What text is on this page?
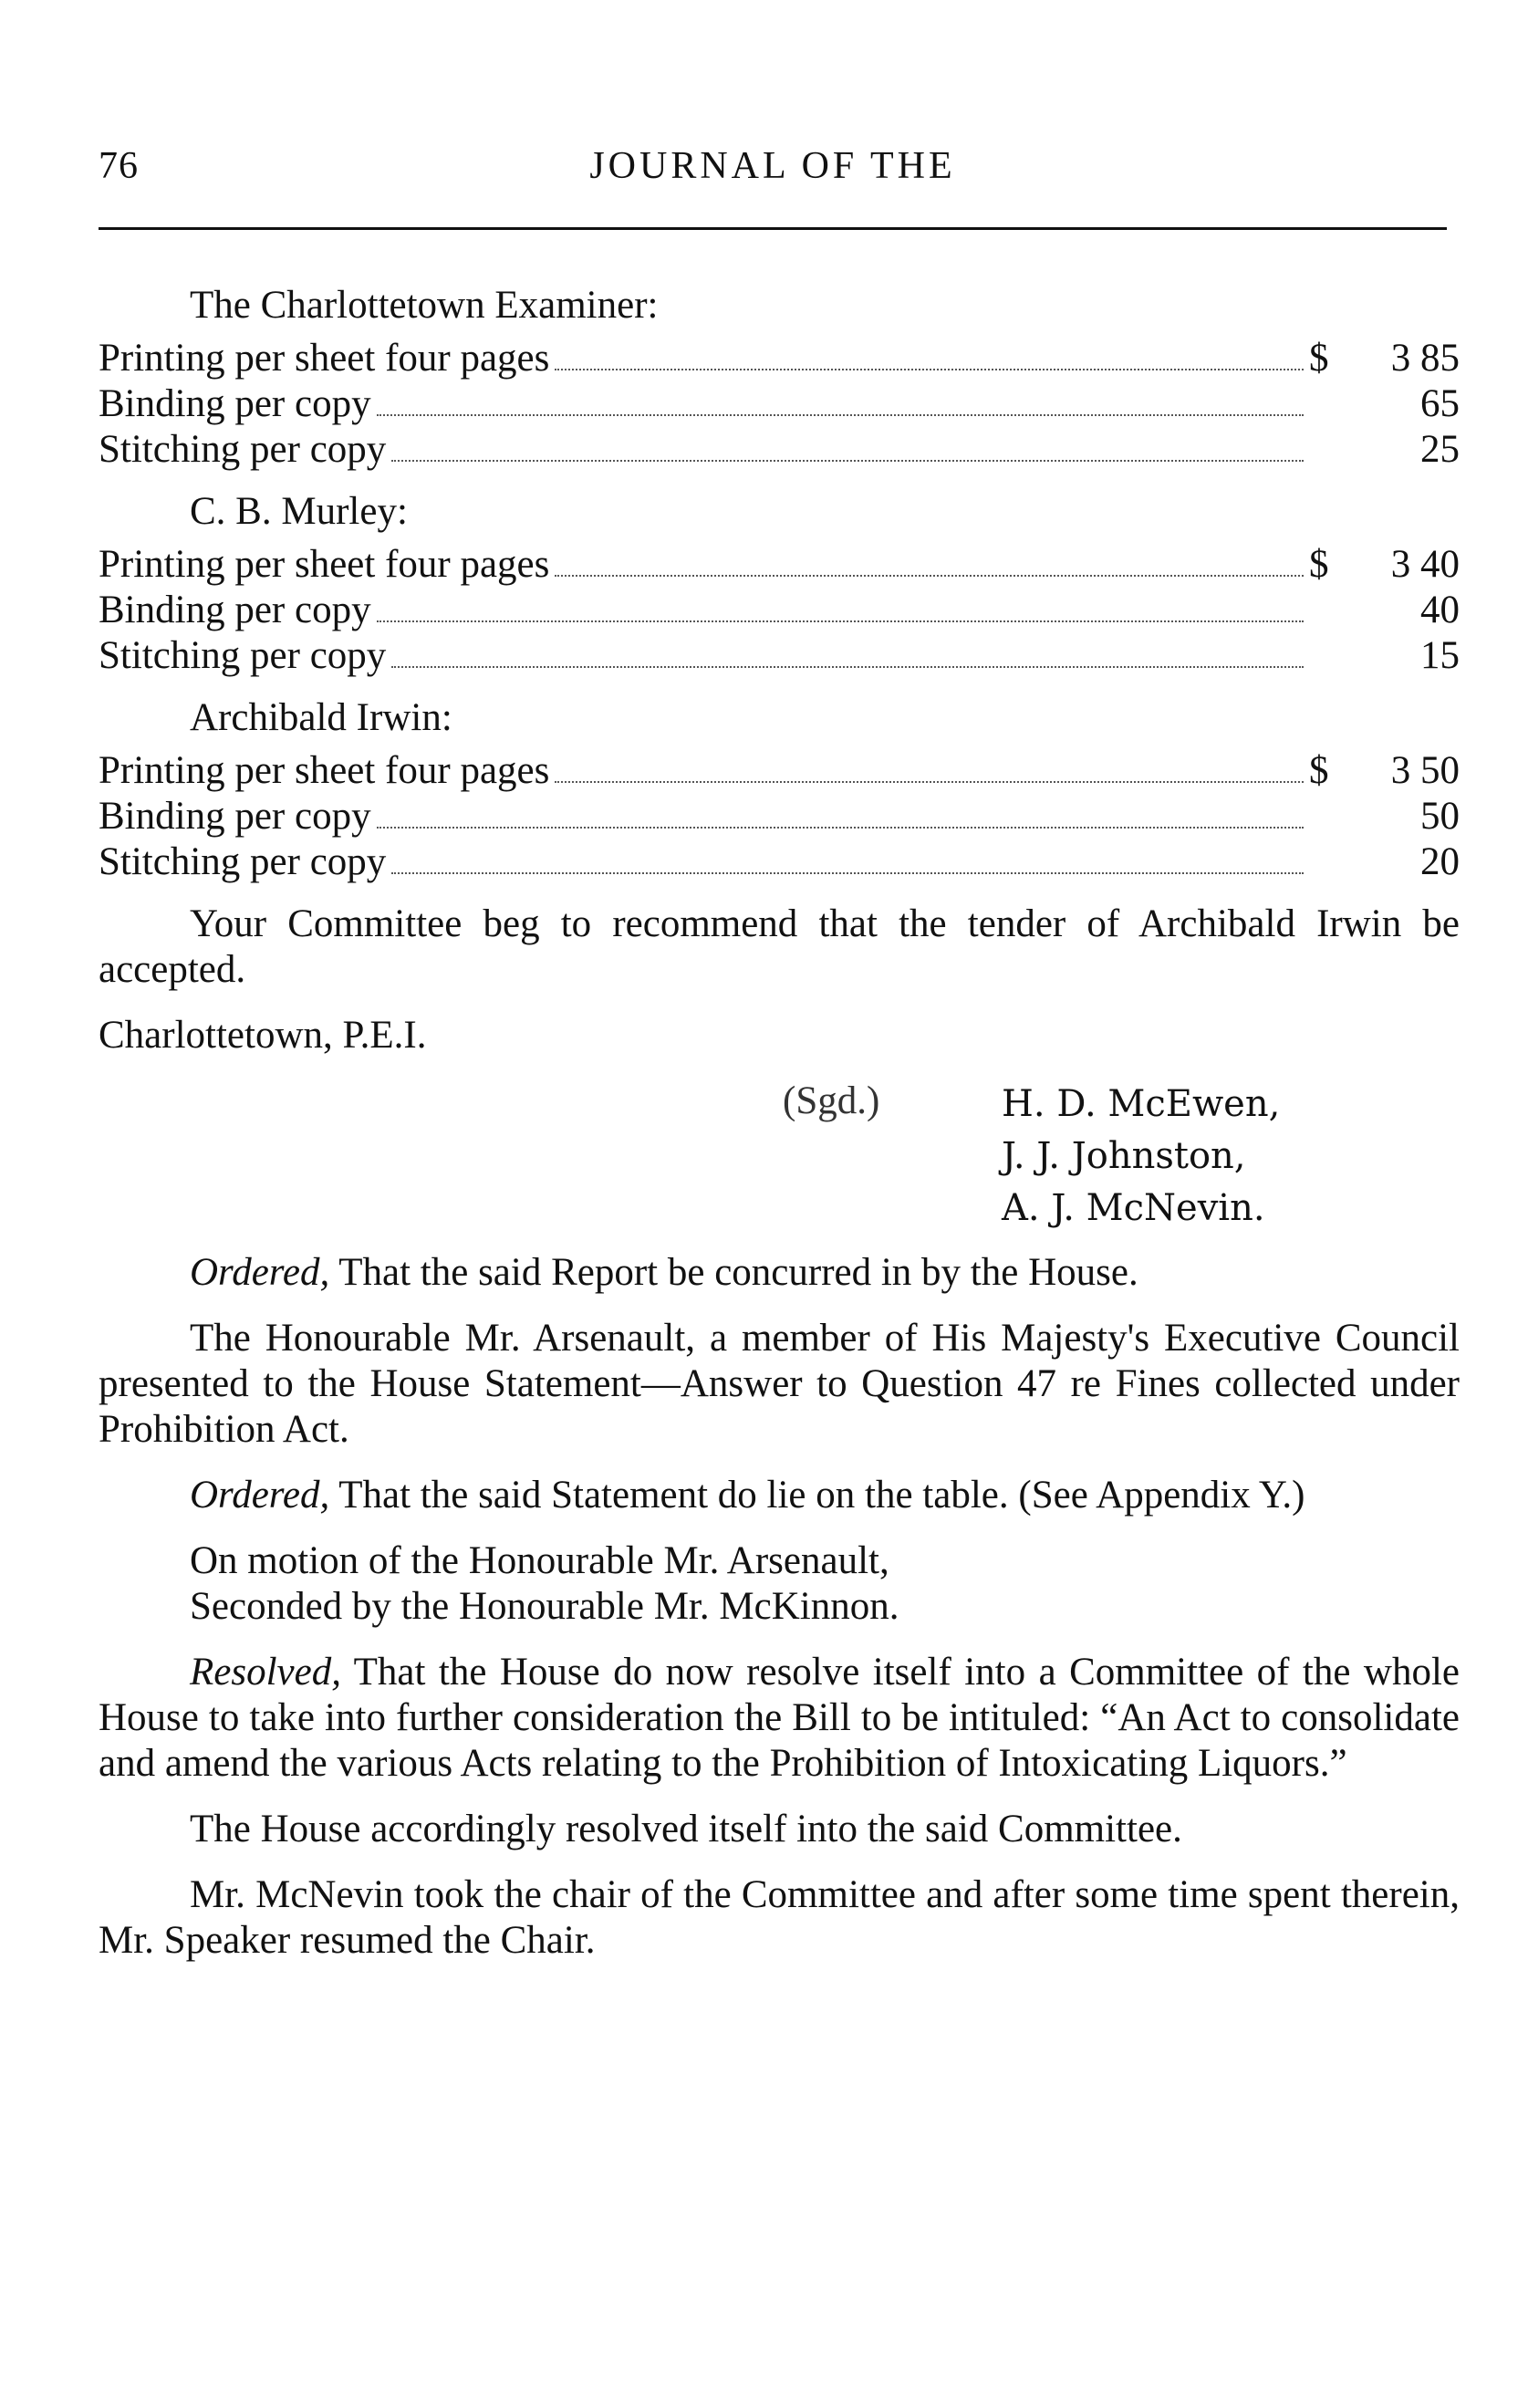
76	JOURNAL OF THE
The Charlottetown Examiner:
Printing per sheet four pages	$	3 85
Binding per copy	65
Stitching per copy	25
C. B. Murley:
Printing per sheet four pages	$	3 40
Binding per copy	40
Stitching per copy	15
Archibald Irwin:
Printing per sheet four pages	$	3 50
Binding per copy	50
Stitching per copy	20

Your Committee beg to recommend that the tender of Archibald Irwin be accepted.

Charlottetown, P.E.I.

(Sgd.)	H. D. McEwen,
J. J. Johnston,
A. J. McNevin.

Ordered, That the said Report be concurred in by the House.

The Honourable Mr. Arsenault, a member of His Majesty's Executive Council presented to the House Statement—Answer to Question 47 re Fines collected under Prohibition Act.

Ordered, That the said Statement do lie on the table. (See Appendix Y.)

On motion of the Honourable Mr. Arsenault,
Seconded by the Honourable Mr. McKinnon.

Resolved, That the House do now resolve itself into a Committee of the whole House to take into further consideration the Bill to be intituled: “An Act to consolidate and amend the various Acts relating to the Prohibition of Intoxicating Liquors.”

The House accordingly resolved itself into the said Committee.

Mr. McNevin took the chair of the Committee and after some time spent therein, Mr. Speaker resumed the Chair.
